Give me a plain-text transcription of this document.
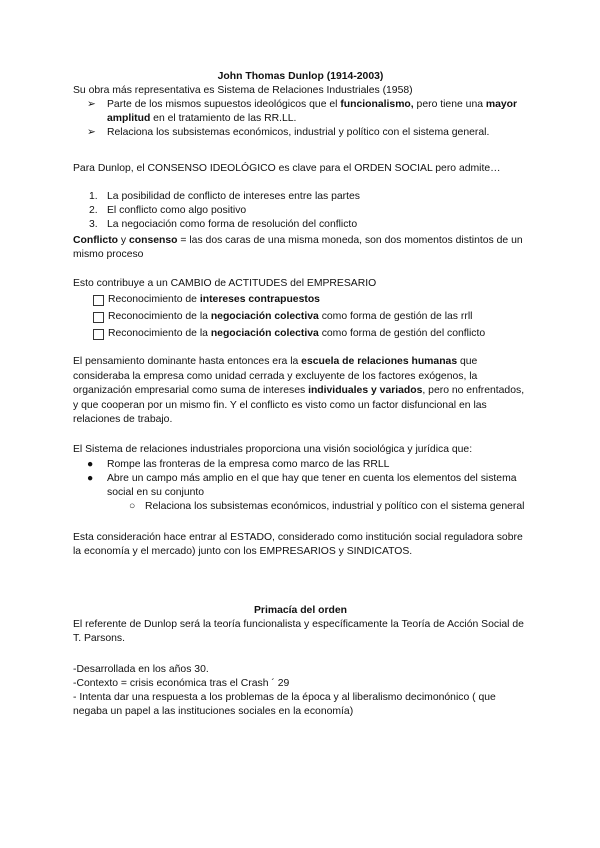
John Thomas Dunlop (1914-2003)
Su obra más representativa es Sistema de Relaciones Industriales (1958)
➢ Parte de los mismos supuestos ideológicos que el funcionalismo, pero tiene una mayor amplitud en el tratamiento de las RR.LL.
➢ Relaciona los subsistemas económicos, industrial y político con el sistema general.
Para Dunlop, el CONSENSO IDEOLÓGICO es clave para el ORDEN SOCIAL pero admite…
1. La posibilidad de conflicto de intereses entre las partes
2. El conflicto como algo positivo
3. La negociación como forma de resolución del conflicto
Conflicto y consenso = las dos caras de una misma moneda, son dos momentos distintos de un mismo proceso
Esto contribuye a un CAMBIO de ACTITUDES del EMPRESARIO
Reconocimiento de intereses contrapuestos
Reconocimiento de la negociación colectiva como forma de gestión de las rrll
Reconocimiento de la negociación colectiva como forma de gestión del conflicto
El pensamiento dominante hasta entonces era la escuela de relaciones humanas que consideraba la empresa como unidad cerrada y excluyente de los factores exógenos, la organización empresarial como suma de intereses individuales y variados, pero no enfrentados, y que cooperan por un mismo fin. Y el conflicto es visto como un factor disfuncional en las relaciones de trabajo.
El Sistema de relaciones industriales proporciona una visión sociológica y jurídica que:
● Rompe las fronteras de la empresa como marco de las RRLL
● Abre un campo más amplio en el que hay que tener en cuenta los elementos del sistema social en su conjunto
○ Relaciona los subsistemas económicos, industrial y político con el sistema general
Esta consideración hace entrar al ESTADO, considerado como institución social reguladora sobre la economía y el mercado) junto con los EMPRESARIOS y SINDICATOS.
Primacía del orden
El referente de Dunlop será la teoría funcionalista y específicamente la Teoría de Acción Social de T. Parsons.
-Desarrollada en los años 30.
-Contexto = crisis económica tras el Crash ´ 29
- Intenta dar una respuesta a los problemas de la época y al liberalismo decimonónico ( que negaba un papel a las instituciones sociales en la economía)
